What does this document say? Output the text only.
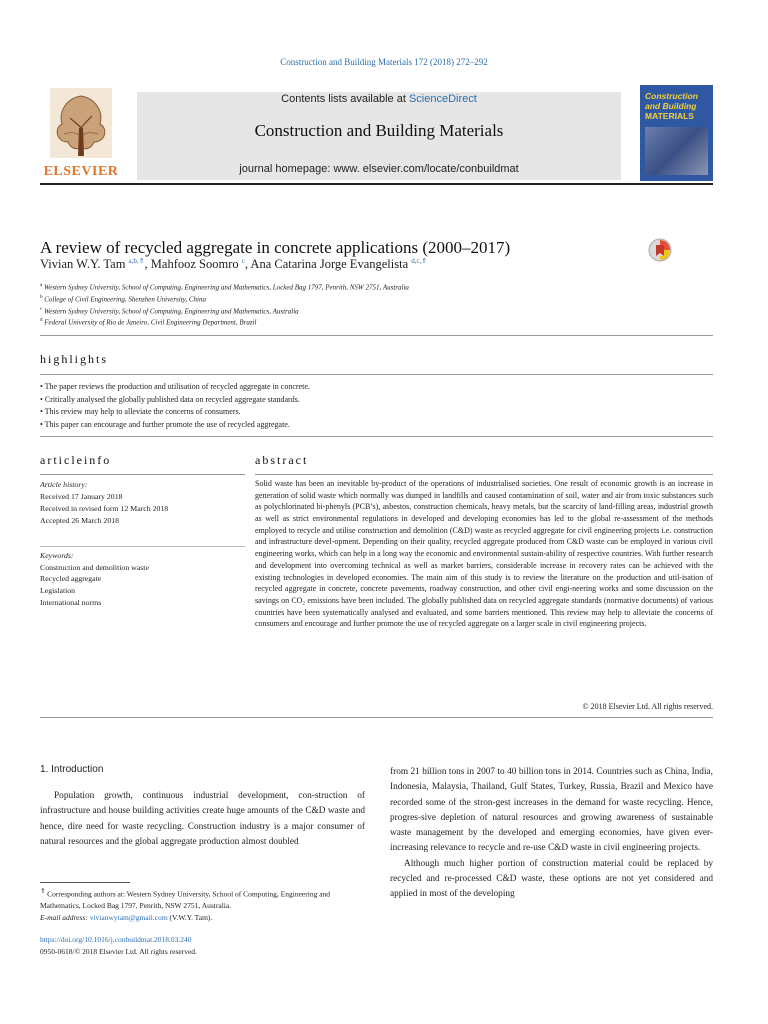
Construction and Building Materials 172 (2018) 272–292
ELSEVIER
Contents lists available at ScienceDirect
Construction and Building Materials
journal homepage: www. elsevier.com/locate/conbuildmat
Construction and Building
MATERIALS
A review of recycled aggregate in concrete applications (2000–2017)
Vivian W.Y. Tam $^{a,b,⇑}$, Mahfooz Soomro $^c$, Ana Catarina Jorge Evangelista $^{d,c,⇑}$
$^a$ Western Sydney University, School of Computing, Engineering and Mathematics, Locked Bag 1797, Penrith, NSW 2751, Australia
$^b$ College of Civil Engineering, Shenzhen University, China
$^c$ Western Sydney University, School of Computing, Engineering and Mathematics, Australia
$^d$ Federal University of Rio de Janeiro, Civil Engineering Department, Brazil
highlights
• The paper reviews the production and utilisation of recycled aggregate in concrete.
• Critically analysed the globally published data on recycled aggregate standards.
• This review may help to alleviate the concerns of consumers.
• This paper can encourage and further promote the use of recycled aggregate.
articleinfo
Article history:
Received 17 January 2018
Received in revised form 12 March 2018
Accepted 26 March 2018
Keywords:
Construction and demolition waste
Recycled aggregate
Legislation
International norms
abstract
Solid waste has been an inevitable by-product of the operations of industrialised societies. One result of economic growth is an increase in generation of solid waste which normally was dumped in landfills and caused contamination of soil, water and air from toxic substances such as polychlorinated bi-phenyls (PCB’s), asbestos, construction chemicals, heavy metals, but the scarcity of land-filling areas, industrial growth as well as strict environmental regulations in developed and developing economies has led to the global re-assessment of the methods employed to recycle and utilise construction and demolition (C&D) waste as recycled aggregate for civil engineering projects i.e. construction and infrastructure devel-opment. Depending on their quality, recycled aggregate produced from C&D waste can be employed in various civil engineering works, which can help in a long way the economic and environmental sustain-ability of respective countries. With further research and development into overcoming technical as well as market barriers, considerable increase in recovery rates can be achieved with the existing technologies in developed economies. The main aim of this study is to review the literature on the production and util-isation of recycled aggregate in concrete, concrete pavements, roadway construction, and other civil engi-neering works and some discussion on the savings on CO₂ emissions have been included. The globally published data on recycled aggregate standards (normative documents) of various countries have been systematically analysed and evaluated, and some barriers mentioned. This review may help to alleviate the concerns of consumers and encourage and further promote the use of recycled aggregate on a larger scale in civil engineering projects.
© 2018 Elsevier Ltd. All rights reserved.
1. Introduction
Population growth, continuous industrial development, con-struction of infrastructure and house building activities create huge amounts of the C&D waste and hence, dire need for waste recycling. Construction industry is a major consumer of natural resources and the global aggregate production almost doubled
from 21 billion tons in 2007 to 40 billion tons in 2014. Countries such as China, India, Indonesia, Malaysia, Thailand, Gulf States, Turkey, Russia, Brazil and Mexico have recorded some of the stron-gest increases in the demand for waste recycling. Hence, progres-sive depletion of natural resources and growing awareness of sustainable waste management by the developed and emerging economies, have given ever-increasing relevance to recycle and re-use C&D waste in civil engineering projects.
Although much higher portion of construction material could be replaced by recycled and re-processed C&D waste, these options are not yet considered and applied in most of the developing
⇑ Corresponding authors at: Western Sydney University, School of Computing, Engineering and Mathematics, Locked Bag 1797, Penrith, NSW 2751, Australia.
E-mail address: vivianwytam@gmail.com (V.W.Y. Tam).
https://doi.org/10.1016/j.conbuildmat.2018.03.240
0950-0618/© 2018 Elsevier Ltd. All rights reserved.
